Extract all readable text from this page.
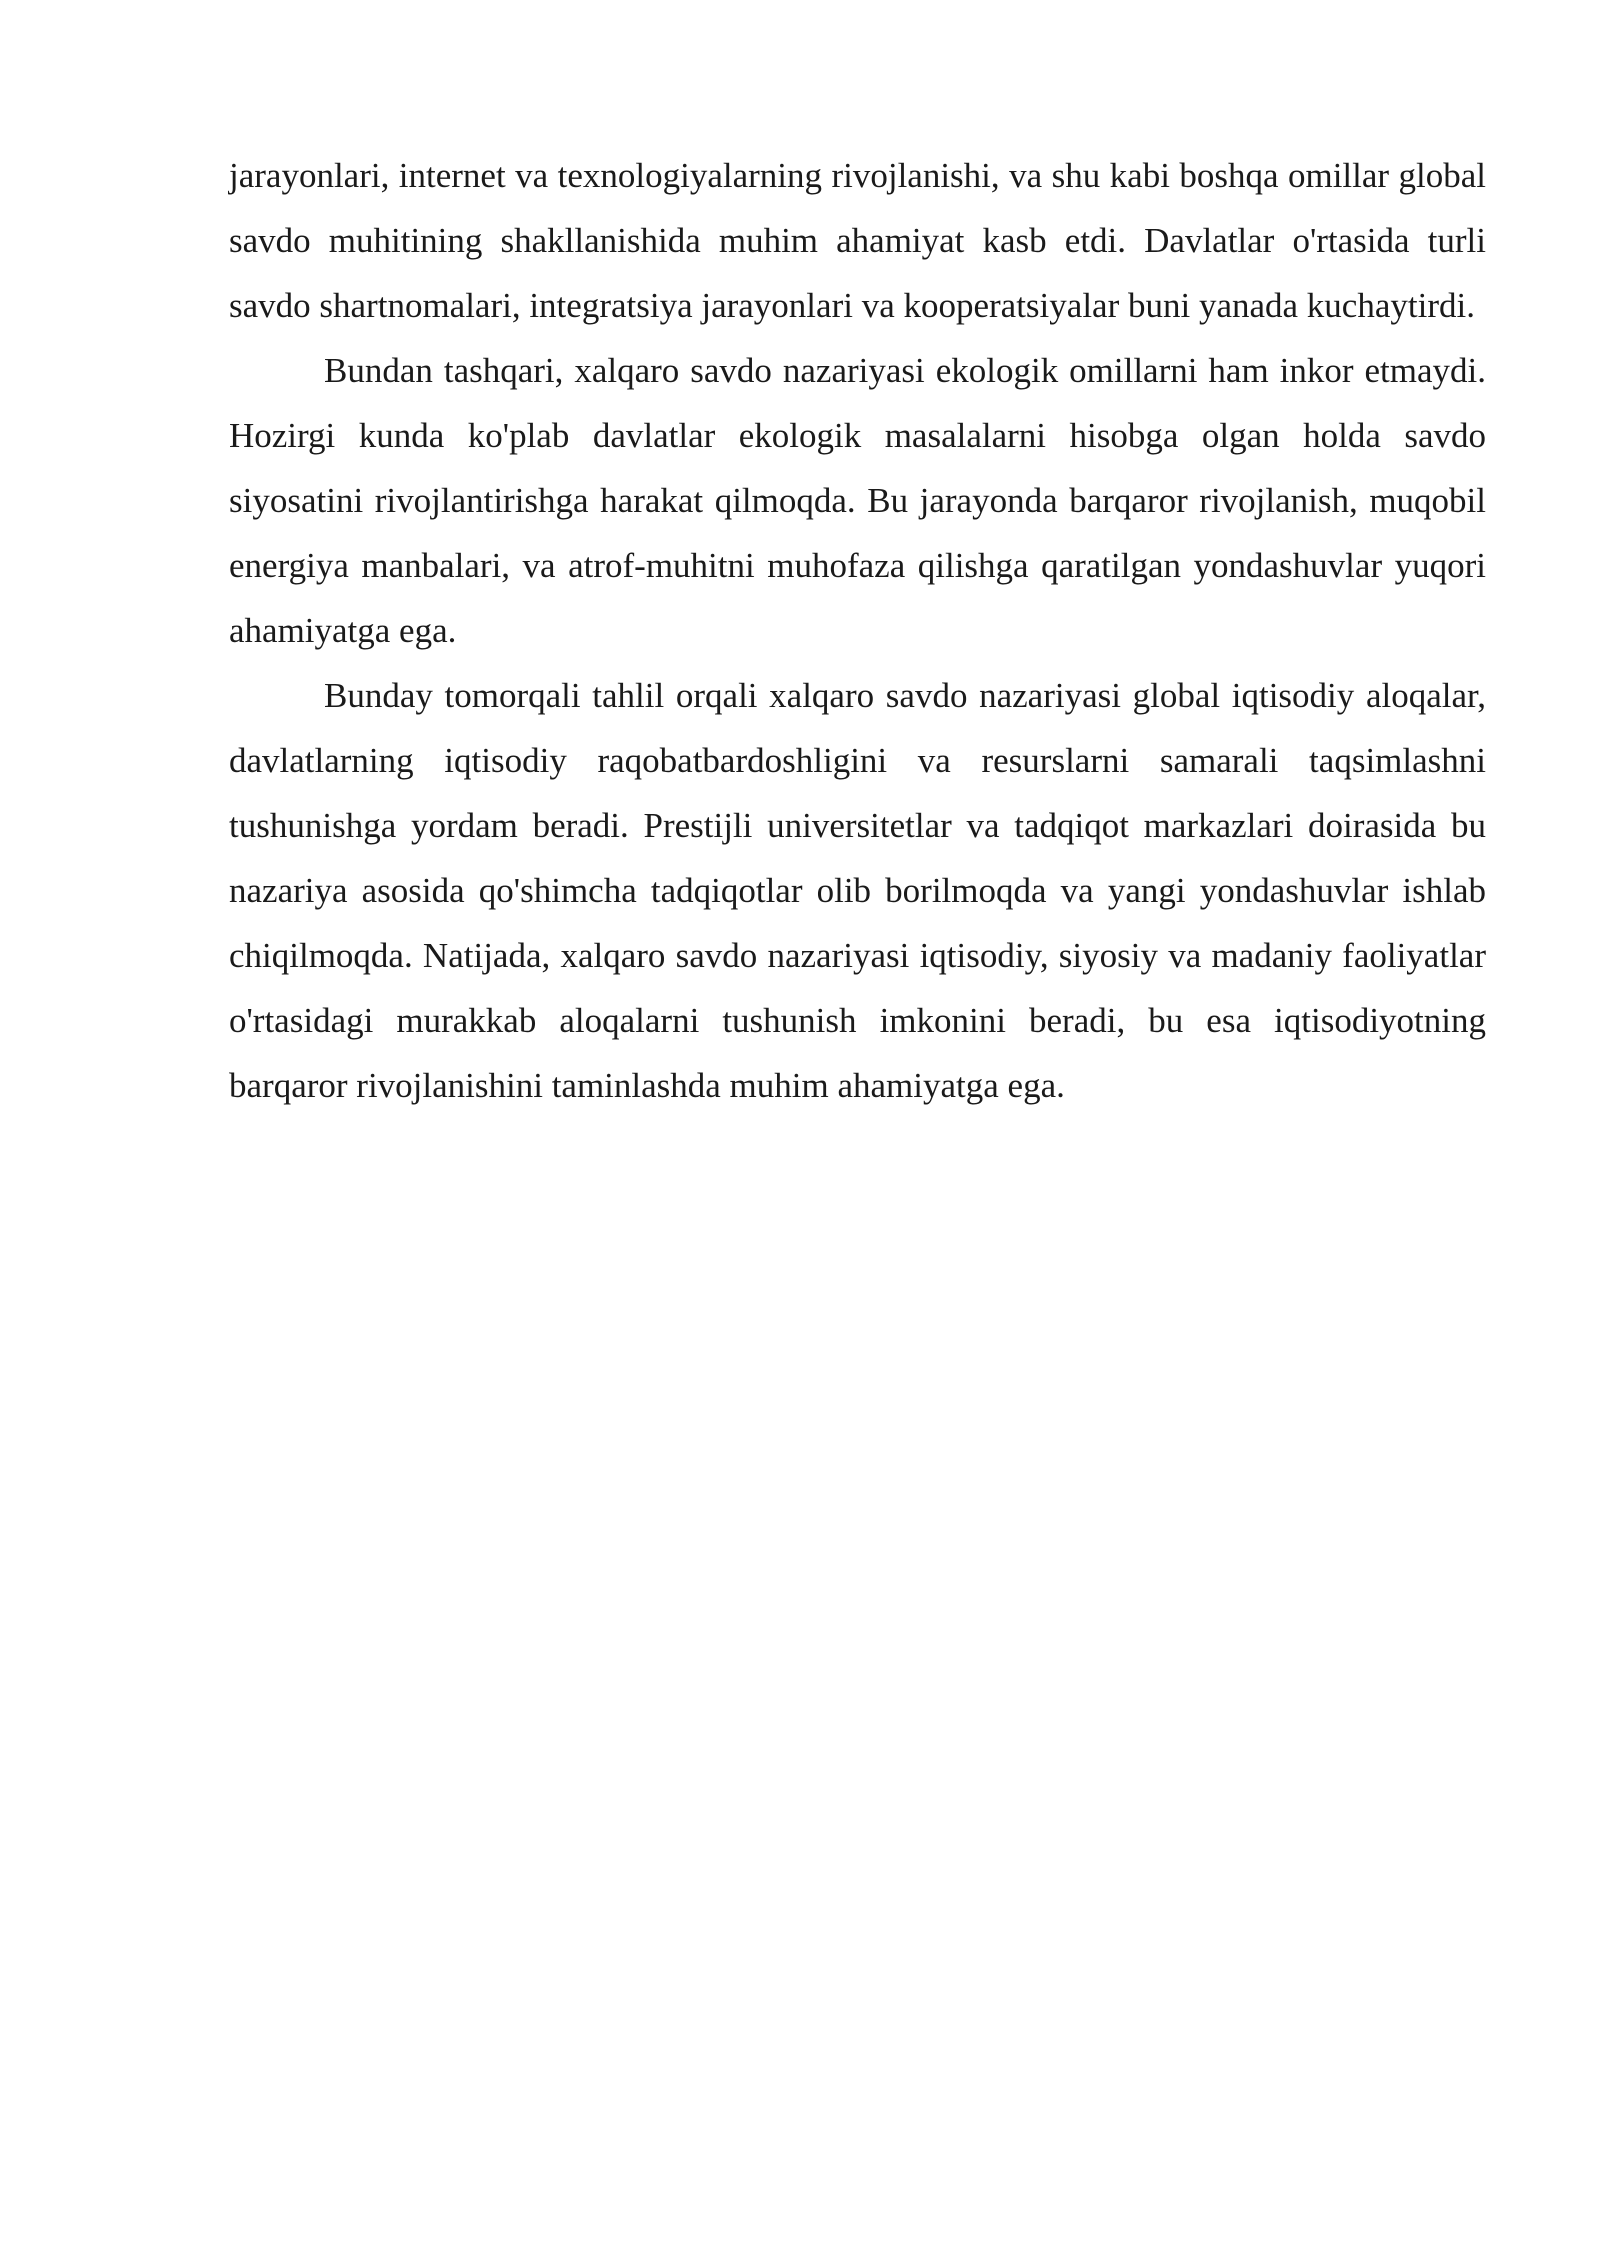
jarayonlari, internet va texnologiyalarning rivojlanishi, va shu kabi boshqa omillar global savdo muhitining shakllanishida muhim ahamiyat kasb etdi. Davlatlar o'rtasida turli savdo shartnomalari, integratsiya jarayonlari va kooperatsiyalar buni yanada kuchaytirdi.

Bundan tashqari, xalqaro savdo nazariyasi ekologik omillarni ham inkor etmaydi. Hozirgi kunda ko'plab davlatlar ekologik masalalarni hisobga olgan holda savdo siyosatini rivojlantirishga harakat qilmoqda. Bu jarayonda barqaror rivojlanish, muqobil energiya manbalari, va atrof-muhitni muhofaza qilishga qaratilgan yondashuvlar yuqori ahamiyatga ega.

Bunday tomorqali tahlil orqali xalqaro savdo nazariyasi global iqtisodiy aloqalar, davlatlarning iqtisodiy raqobatbardoshligini va resurslarni samarali taqsimlashni tushunishga yordam beradi. Prestijli universitetlar va tadqiqot markazlari doirasida bu nazariya asosida qo'shimcha tadqiqotlar olib borilmoqda va yangi yondashuvlar ishlab chiqilmoqda. Natijada, xalqaro savdo nazariyasi iqtisodiy, siyosiy va madaniy faoliyatlar o'rtasidagi murakkab aloqalarni tushunish imkonini beradi, bu esa iqtisodiyotning barqaror rivojlanishini taminlashda muhim ahamiyatga ega.
